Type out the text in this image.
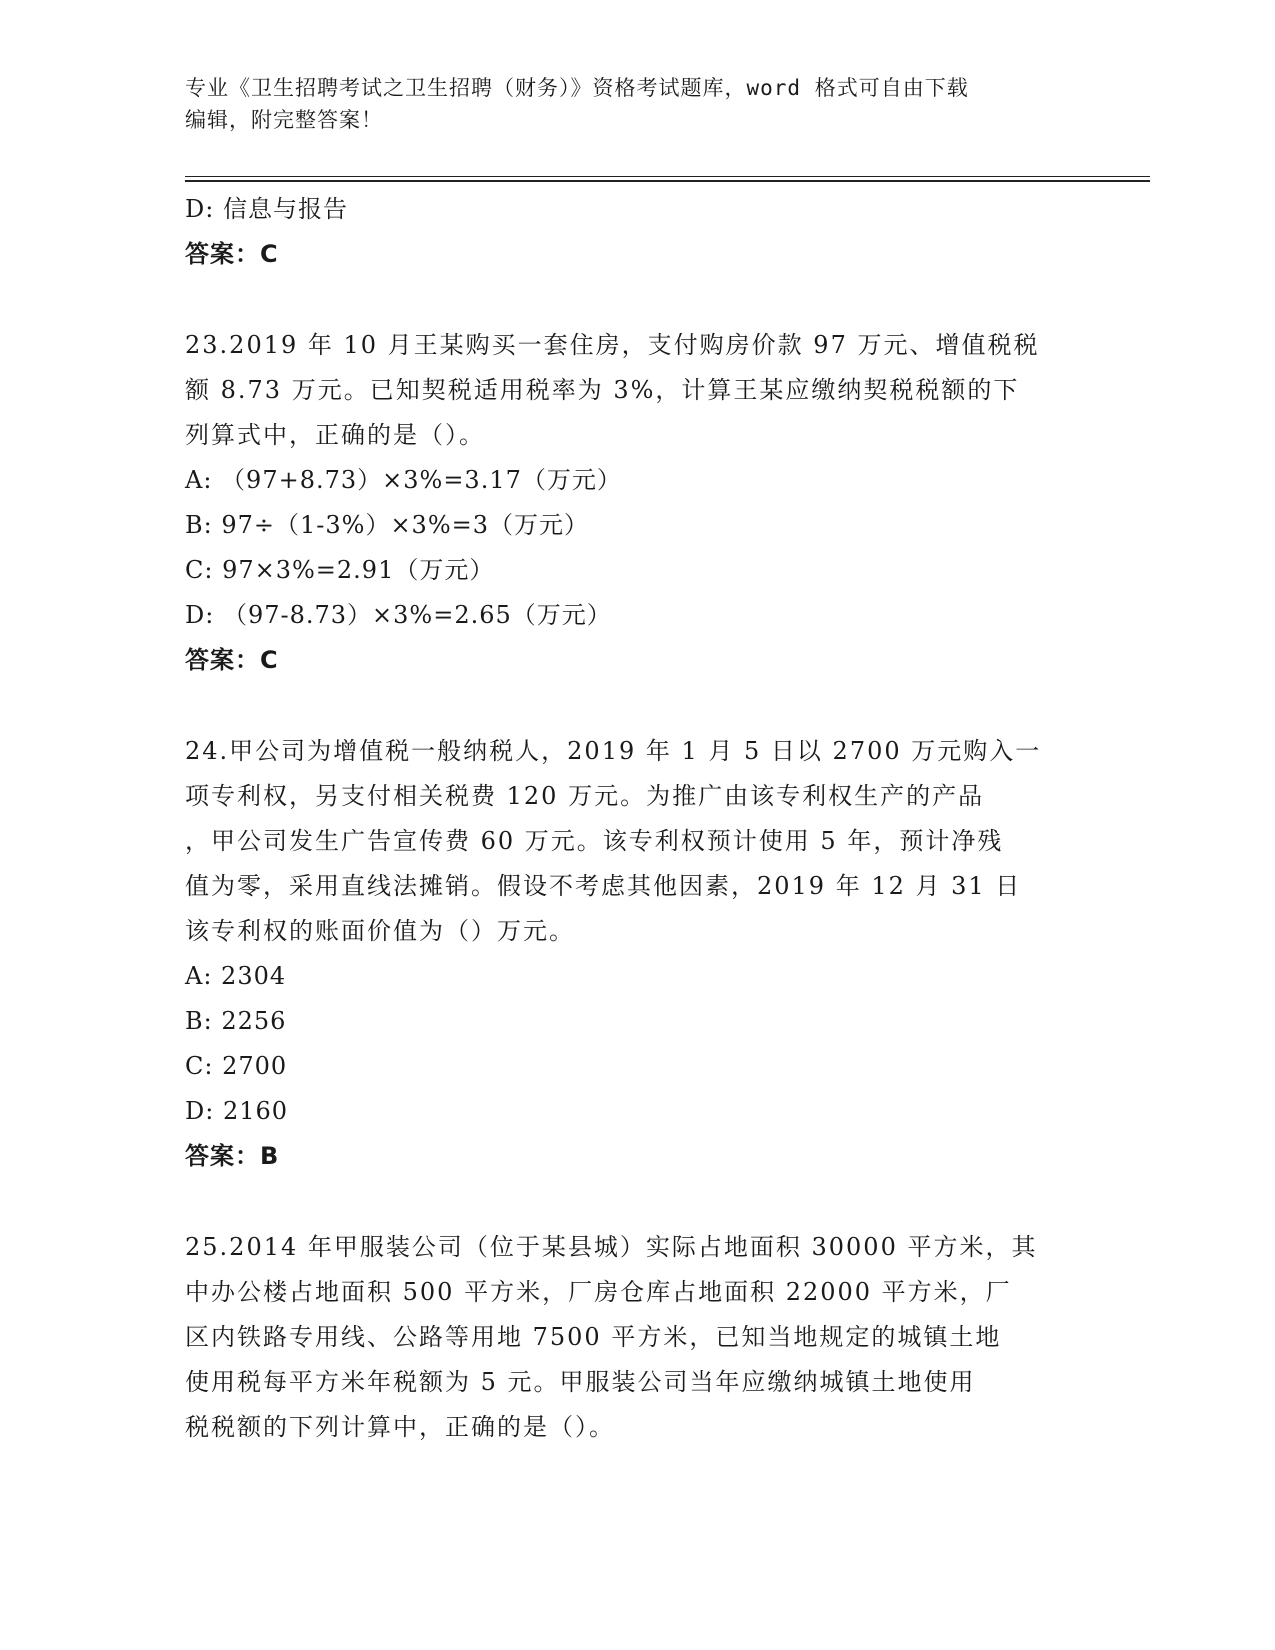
专业《卫生招聘考试之卫生招聘（财务）》资格考试题库，word 格式可自由下载
编辑，附完整答案！
D: 信息与报告
答案：C
23.2019 年 10 月王某购买一套住房，支付购房价款 97 万元、增值税税
额 8.73 万元。已知契税适用税率为 3%，计算王某应缴纳契税税额的下
列算式中，正确的是（）。
A: （97+8.73）×3%=3.17（万元）
B: 97÷（1-3%）×3%=3（万元）
C: 97×3%=2.91（万元）
D: （97-8.73）×3%=2.65（万元）
答案：C
24.甲公司为增值税一般纳税人，2019 年 1 月 5 日以 2700 万元购入一
项专利权，另支付相关税费 120 万元。为推广由该专利权生产的产品
，甲公司发生广告宣传费 60 万元。该专利权预计使用 5 年，预计净残
值为零，采用直线法摊销。假设不考虑其他因素，2019 年 12 月 31 日
该专利权的账面价值为（）万元。
A: 2304
B: 2256
C: 2700
D: 2160
答案：B
25.2014 年甲服装公司（位于某县城）实际占地面积 30000 平方米，其
中办公楼占地面积 500 平方米，厂房仓库占地面积 22000 平方米，厂
区内铁路专用线、公路等用地 7500 平方米，已知当地规定的城镇土地
使用税每平方米年税额为 5 元。甲服装公司当年应缴纳城镇土地使用
税税额的下列计算中，正确的是（）。
